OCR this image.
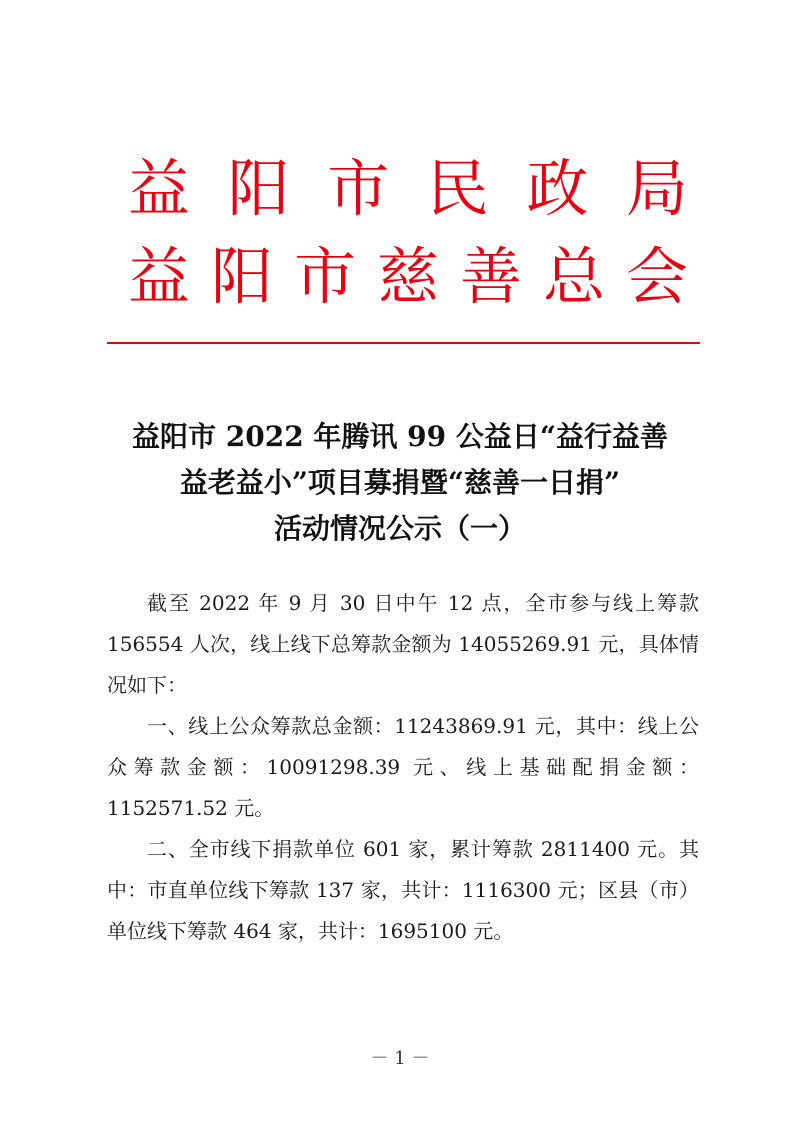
益 阳 市 民 政 局
益 阳 市 慈 善 总 会
益阳市 2022 年腾讯 99 公益日“益行益善
益老益小”项目募捐暨“慈善一日捐”
活动情况公示（一）

截至 2022 年 9 月 30 日中午 12 点，全市参与线上筹款 156554 人次，线上线下总筹款金额为 14055269.91 元，具体情况如下：

一、线上公众筹款总金额：11243869.91 元，其中：线上公众筹款金额：10091298.39 元、线上基础配捐金额：1152571.52 元。

二、全市线下捐款单位 601 家，累计筹款 2811400 元。其中：市直单位线下筹款 137 家，共计：1116300 元；区县（市）单位线下筹款 464 家，共计：1695100 元。

－ 1 －
